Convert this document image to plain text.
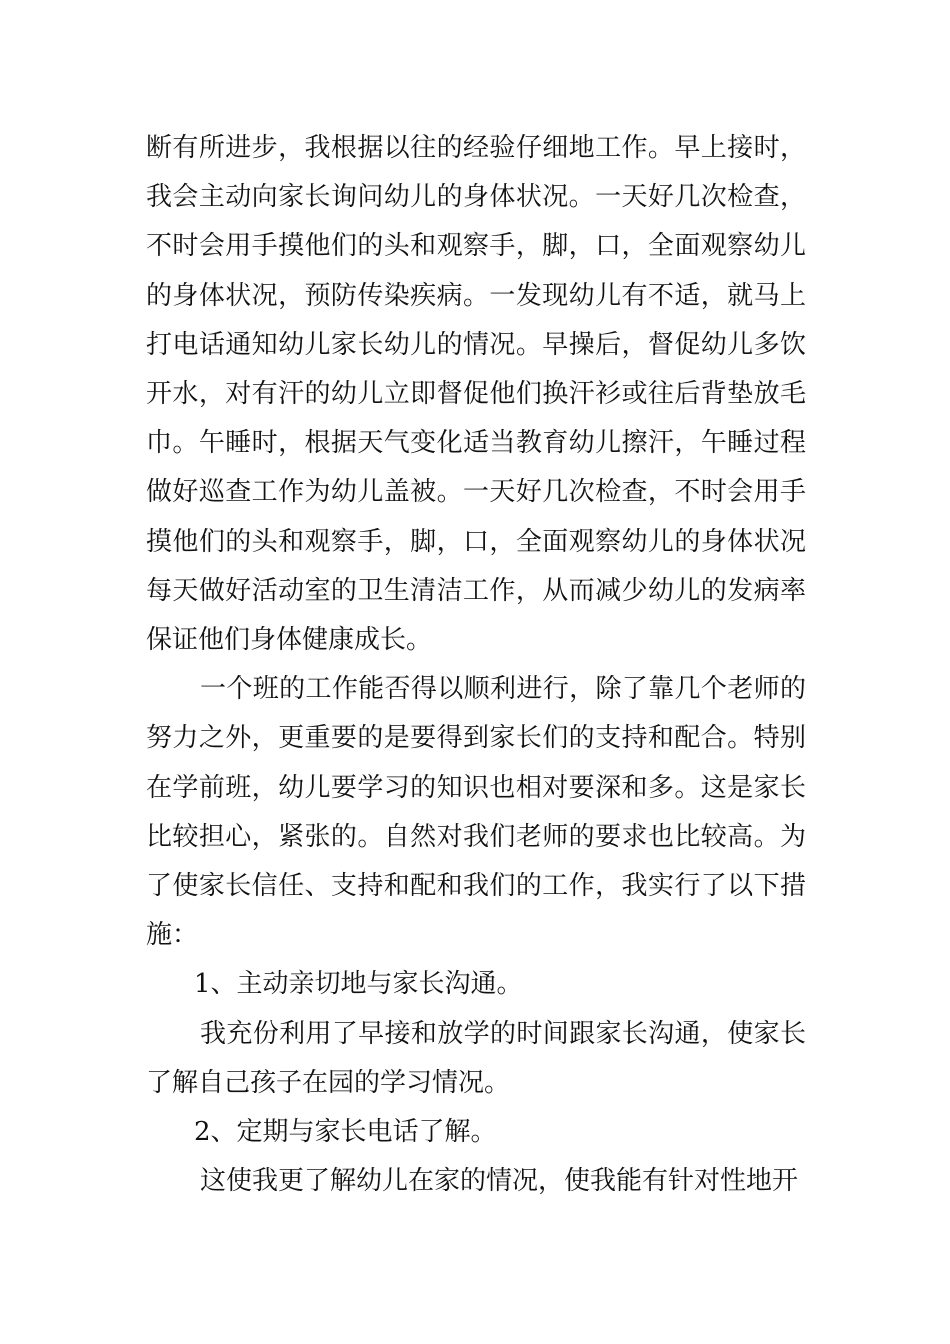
断有所进步，我根据以往的经验仔细地工作。早上接时，我会主动向家长询问幼儿的身体状况。一天好几次检查，不时会用手摸他们的头和观察手，脚，口，全面观察幼儿的身体状况，预防传染疾病。一发现幼儿有不适，就马上打电话通知幼儿家长幼儿的情况。早操后，督促幼儿多饮开水，对有汗的幼儿立即督促他们换汗衫或往后背垫放毛巾。午睡时，根据天气变化适当教育幼儿擦汗，午睡过程做好巡查工作为幼儿盖被。一天好几次检查，不时会用手摸他们的头和观察手，脚，口，全面观察幼儿的身体状况每天做好活动室的卫生清洁工作，从而减少幼儿的发病率保证他们身体健康成长。

一个班的工作能否得以顺利进行，除了靠几个老师的努力之外，更重要的是要得到家长们的支持和配合。特别在学前班，幼儿要学习的知识也相对要深和多。这是家长比较担心，紧张的。自然对我们老师的要求也比较高。为了使家长信任、支持和配和我们的工作，我实行了以下措施：

1、主动亲切地与家长沟通。

我充份利用了早接和放学的时间跟家长沟通，使家长了解自己孩子在园的学习情况。

2、定期与家长电话了解。

这使我更了解幼儿在家的情况，使我能有针对性地开
